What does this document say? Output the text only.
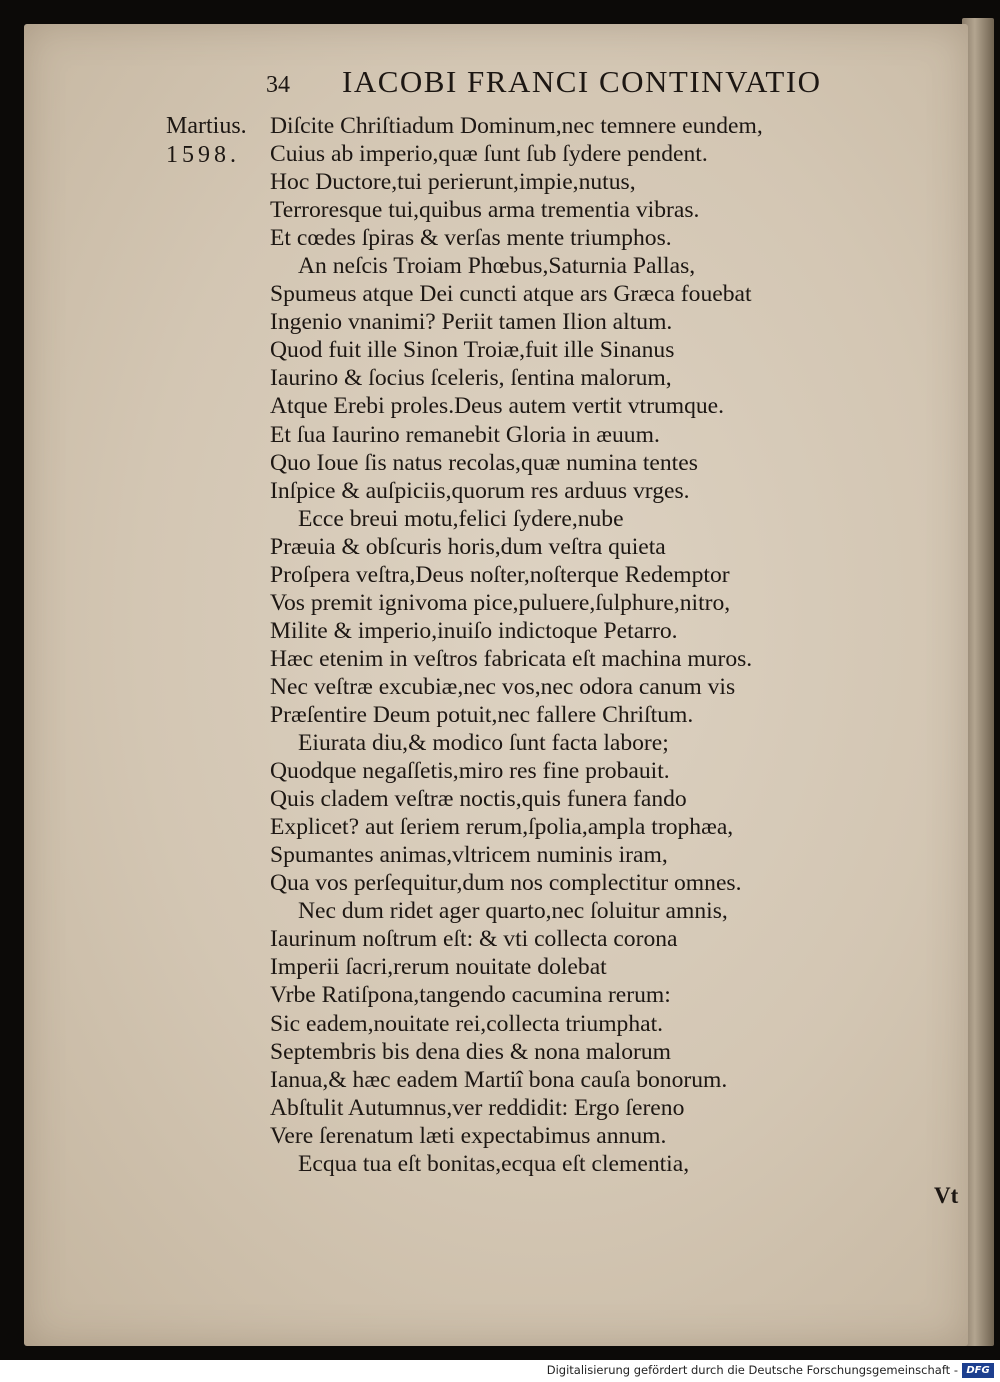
34 IACOBI FRANCI CONTINVATIO
Martius.
1598.
Diſcite Chriſtiadum Dominum,nec temnere eundem,
Cuius ab imperio,quæ ſunt ſub ſydere pendent.
Hoc Ductore,tui perierunt,impie,nutus,
Terroresque tui,quibus arma trementia vibras.
Et cœdes ſpiras & verſas mente triumphos.
An neſcis Troiam Phœbus,Saturnia Pallas,
Spumeus atque Dei cuncti atque ars Græca fouebat
Ingenio vnanimi? Periit tamen Ilion altum.
Quod fuit ille Sinon Troiæ,fuit ille Sinanus
Iaurino & ſocius ſceleris, ſentina malorum,
Atque Erebi proles.Deus autem vertit vtrumque.
Et ſua Iaurino remanebit Gloria in æuum.
Quo Ioue ſis natus recolas,quæ numina tentes
Inſpice & auſpiciis,quorum res arduus vrges.
Ecce breui motu,felici ſydere,nube
Præuia & obſcuris horis,dum veſtra quieta
Proſpera veſtra,Deus noſter,noſterque Redemptor
Vos premit ignivoma pice,puluere,ſulphure,nitro,
Milite & imperio,inuiſo indictoque Petarro.
Hæc etenim in veſtros fabricata eſt machina muros.
Nec veſtræ excubiæ,nec vos,nec odora canum vis
Præſentire Deum potuit,nec fallere Chriſtum.
Eiurata diu,& modico ſunt facta labore;
Quodque negaſſetis,miro res fine probauit.
Quis cladem veſtræ noctis,quis funera fando
Explicet? aut ſeriem rerum,ſpolia,ampla trophæa,
Spumantes animas,vltricem numinis iram,
Qua vos perſequitur,dum nos complectitur omnes.
Nec dum ridet ager quarto,nec ſoluitur amnis,
Iaurinum noſtrum eſt: & vti collecta corona
Imperii ſacri,rerum nouitate dolebat
Vrbe Ratiſpona,tangendo cacumina rerum:
Sic eadem,nouitate rei,collecta triumphat.
Septembris bis dena dies & nona malorum
Ianua,& hæc eadem Martiî bona cauſa bonorum.
Abſtulit Autumnus,ver reddidit: Ergo ſereno
Vere ſerenatum læti expectabimus annum.
Ecqua tua eſt bonitas,ecqua eſt clementia,
Vt
Digitalisierung gefördert durch die Deutsche Forschungsgemeinschaft - DFG
